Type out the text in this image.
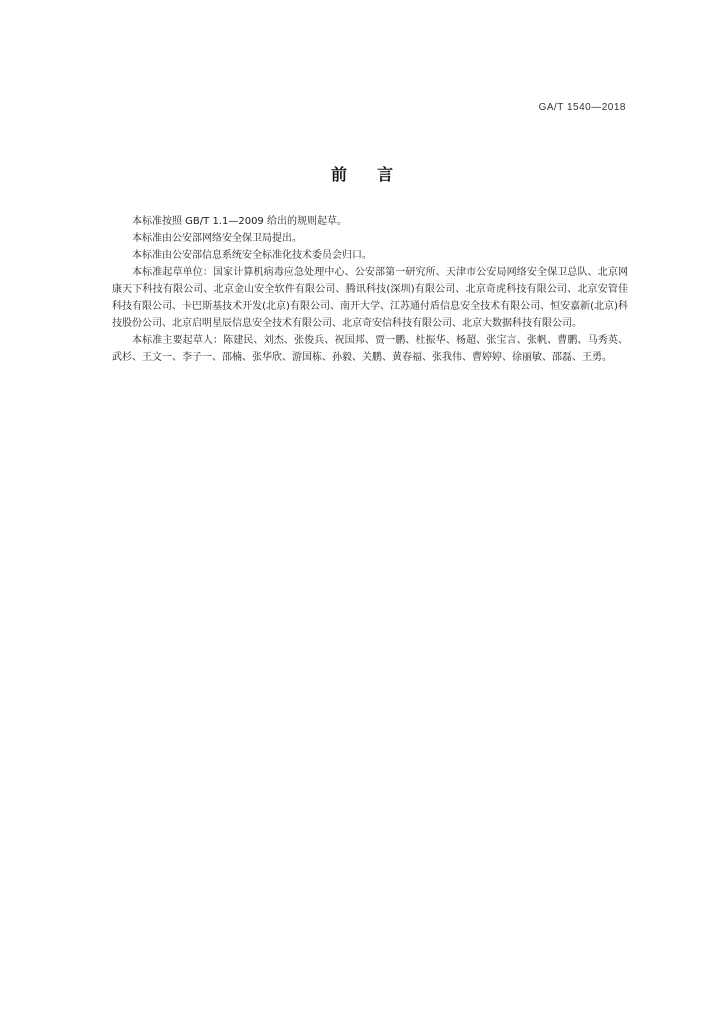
GA/T 1540—2018
前言

本标准按照 GB/T 1.1—2009 给出的规则起草。

本标准由公安部网络安全保卫局提出。

本标准由公安部信息系统安全标准化技术委员会归口。

本标准起草单位：国家计算机病毒应急处理中心、公安部第一研究所、天津市公安局网络安全保卫总队、北京网康天下科技有限公司、北京金山安全软件有限公司、腾讯科技(深圳)有限公司、北京奇虎科技有限公司、北京安管佳科技有限公司、卡巴斯基技术开发(北京)有限公司、南开大学、江苏通付盾信息安全技术有限公司、恒安嘉新(北京)科技股份公司、北京启明星辰信息安全技术有限公司、北京奇安信科技有限公司、北京大数据科技有限公司。

本标准主要起草人：陈建民、刘杰、张俊兵、祝国邦、贾一鹏、杜振华、杨超、张宝言、张帆、曹鹏、马秀英、武杉、王文一、李子一、邵楠、张华欣、游国栋、孙毅、关鹏、黄春福、张我伟、曹婷婷、徐丽敏、邵磊、王勇。
